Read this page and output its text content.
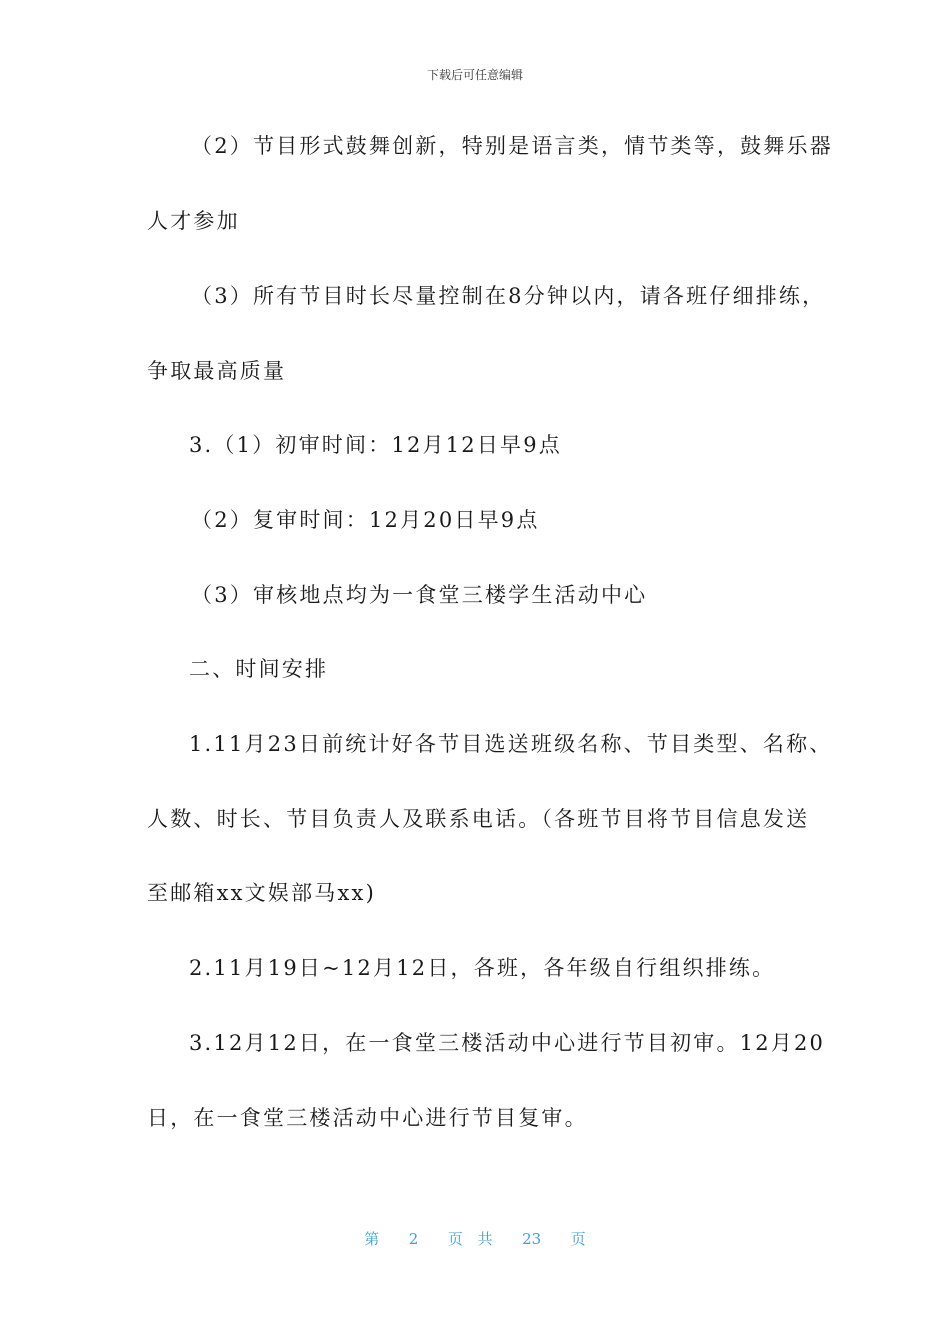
下载后可任意编辑
（2）节目形式鼓舞创新，特别是语言类，情节类等，鼓舞乐器
人才参加
（3）所有节目时长尽量控制在8分钟以内，请各班仔细排练，
争取最高质量
3.（1）初审时间：12月12日早9点
（2）复审时间：12月20日早9点
（3）审核地点均为一食堂三楼学生活动中心
二、时间安排
1.11月23日前统计好各节目选送班级名称、节目类型、名称、
人数、时长、节目负责人及联系电话。（各班节目将节目信息发送
至邮箱xx文娱部马xx)
2.11月19日~12月12日，各班，各年级自行组织排练。
3.12月12日，在一食堂三楼活动中心进行节目初审。12月20
日，在一食堂三楼活动中心进行节目复审。
第  2  页 共  23  页
